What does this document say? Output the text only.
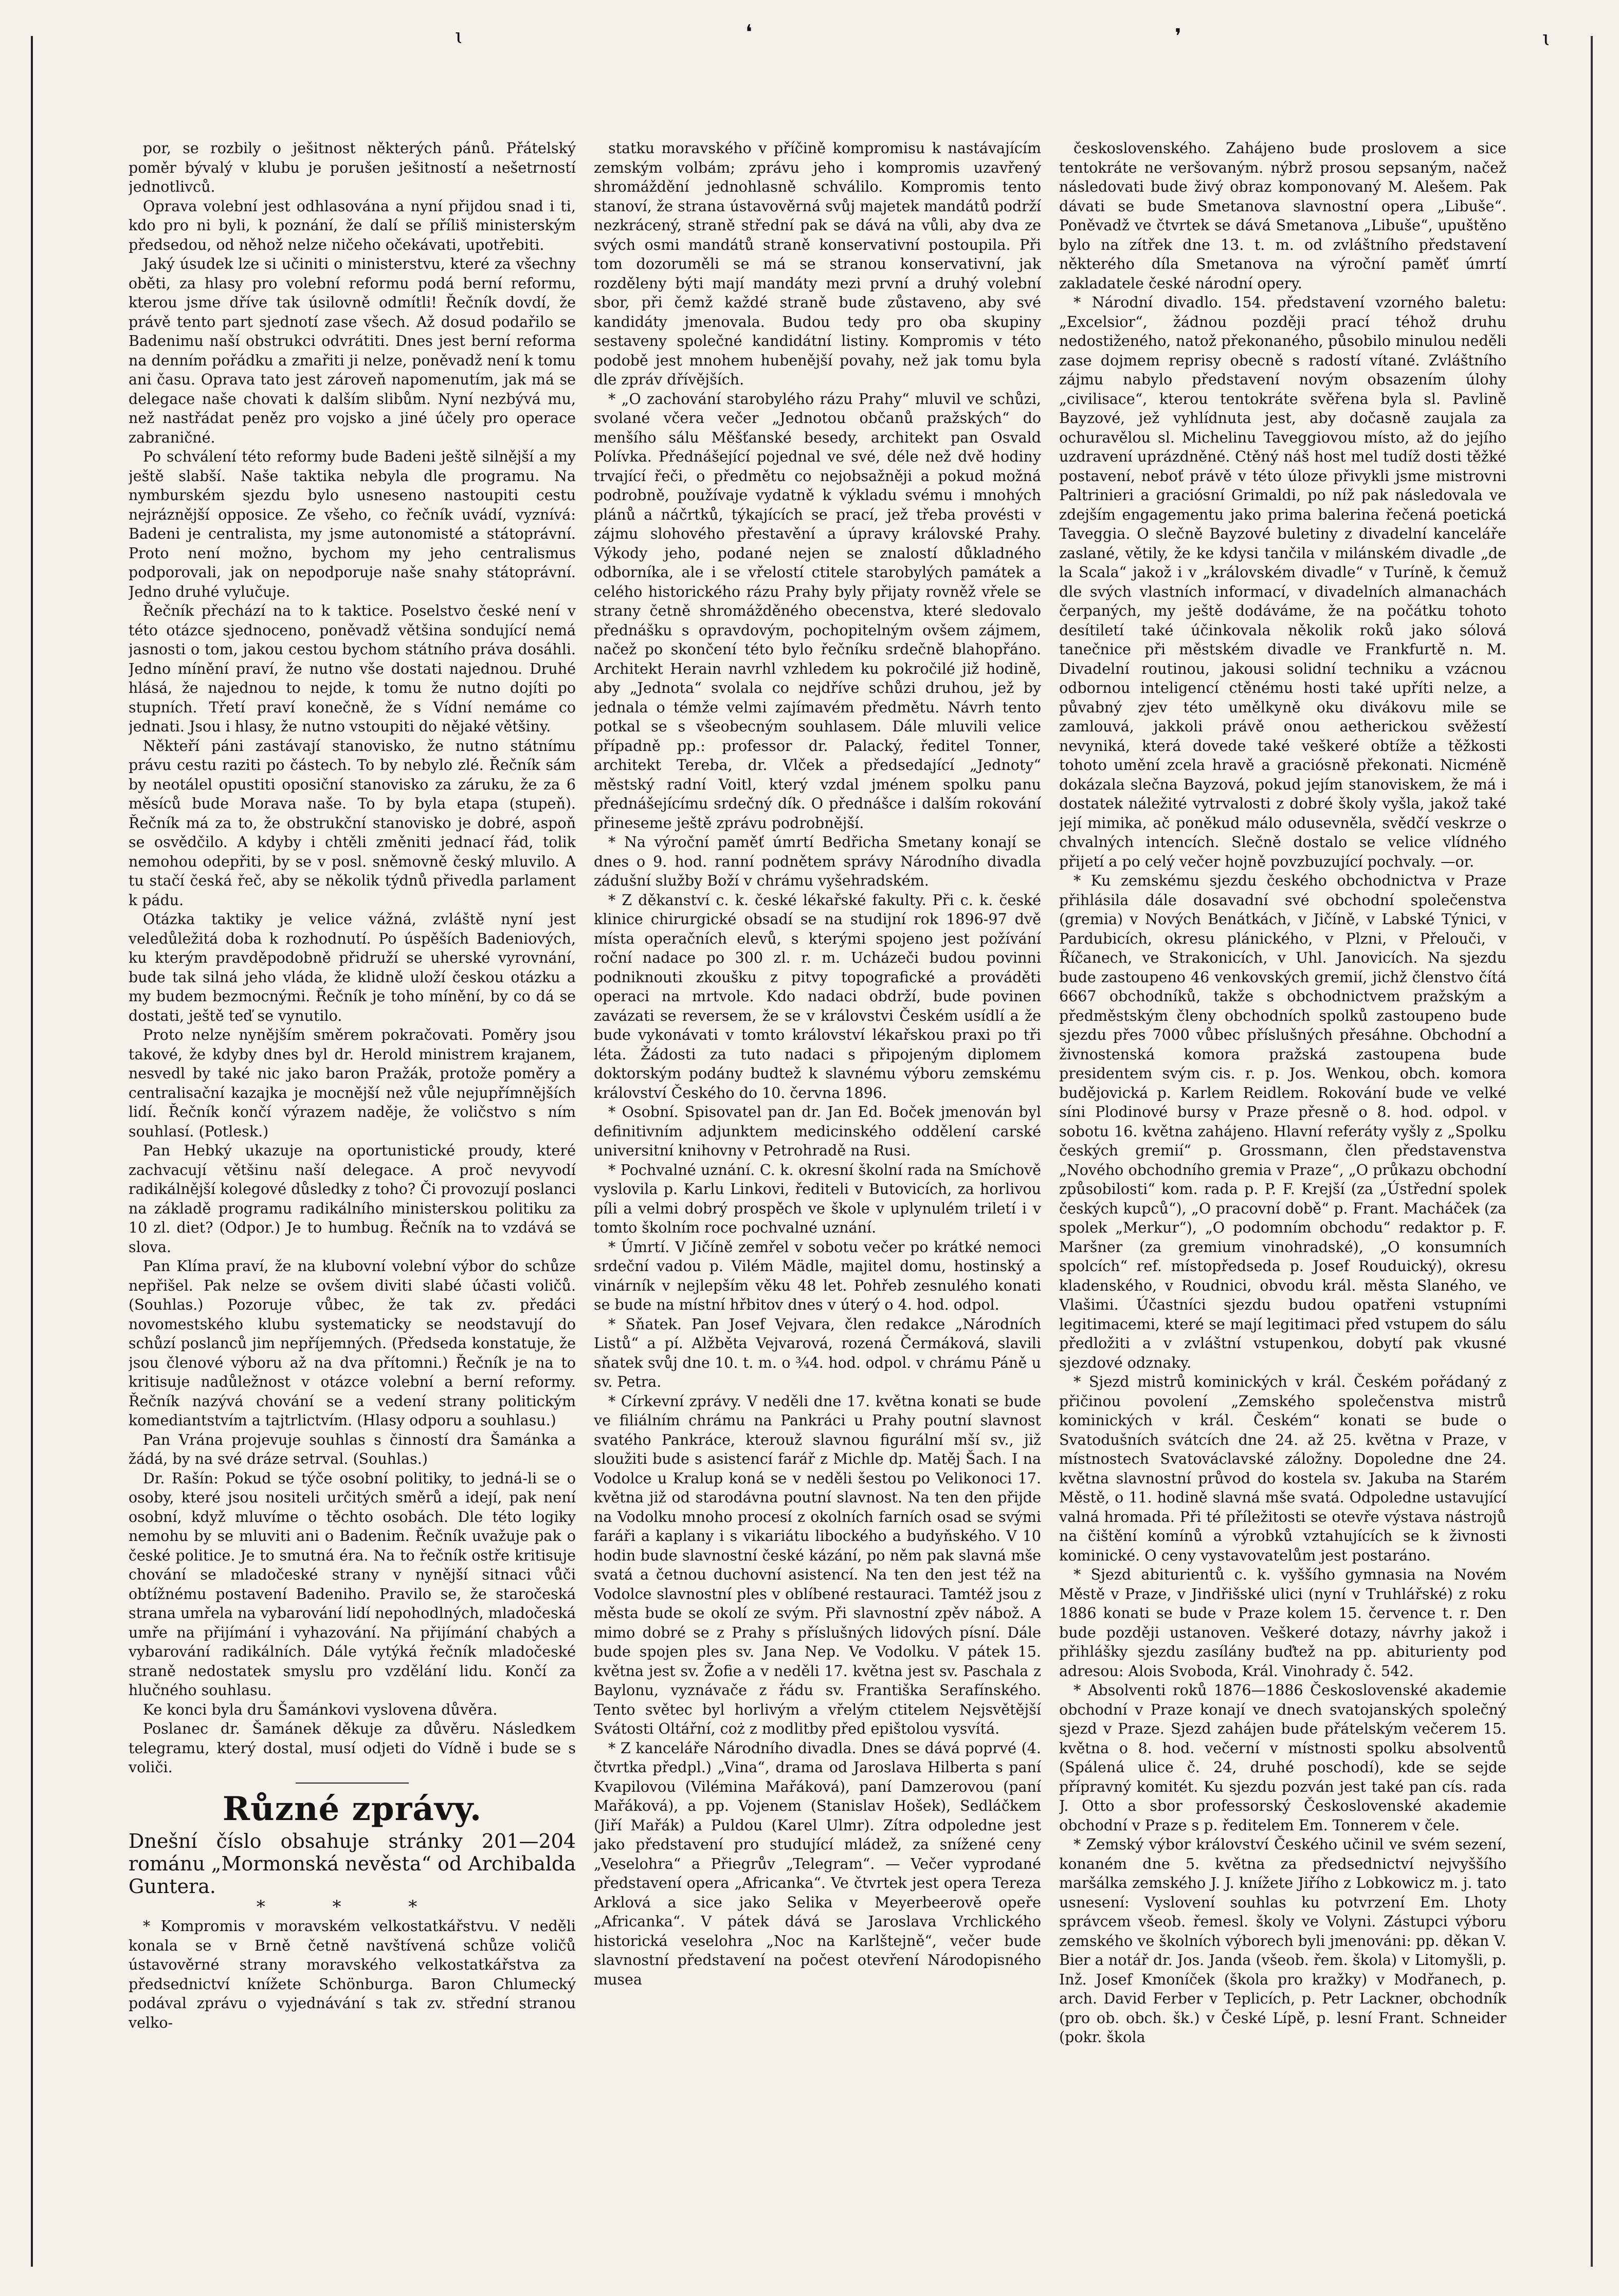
ɩ	❛	❜	ɩ

por, se rozbily o ješitnost některých pánů. Přátelský poměr bývalý v klubu je porušen ješitností a nešetrností jednotlivců.

Oprava volební jest odhlasována a nyní přijdou snad i ti, kdo pro ni byli, k poznání, že dalí se příliš ministerským předsedou, od něhož nelze ničeho očekávati, upotřebiti.

Jaký úsudek lze si učiniti o ministerstvu, které za všechny oběti, za hlasy pro volební reformu podá berní reformu, kterou jsme dříve tak úsilovně odmítli! Řečník dovdí, že právě tento part sjednotí zase všech. Až dosud podařilo se Badenimu naší obstrukci odvrátiti. Dnes jest berní reforma na denním pořádku a zmařiti ji nelze, poněvadž není k tomu ani času. Oprava tato jest zároveň napomenutím, jak má se delegace naše chovati k dalším slibům. Nyní nezbývá mu, než nastřádat peněz pro vojsko a jiné účely pro operace zabraničné.

Po schválení této reformy bude Badeni ještě silnější a my ještě slabší. Naše taktika nebyla dle programu. Na nymburském sjezdu bylo usneseno nastoupiti cestu nejráznější opposice. Ze všeho, co řečník uvádí, vyznívá: Badeni je centralista, my jsme autonomisté a státoprávní. Proto není možno, bychom my jeho centralismus podporovali, jak on nepodporuje naše snahy státoprávní. Jedno druhé vylučuje.

Řečník přechází na to k taktice. Poselstvo české není v této otázce sjednoceno, poněvadž většina sondující nemá jasnosti o tom, jakou cestou bychom státního práva dosáhli. Jedno mínění praví, že nutno vše dostati najednou. Druhé hlásá, že najednou to nejde, k tomu že nutno dojíti po stupních. Třetí praví konečně, že s Vídní nemáme co jednati. Jsou i hlasy, že nutno vstoupiti do nějaké většiny.

Někteří páni zastávají stanovisko, že nutno státnímu právu cestu raziti po částech. To by nebylo zlé. Řečník sám by neotálel opustiti oposiční stanovisko za záruku, že za 6 měsíců bude Morava naše. To by byla etapa (stupeň). Řečník má za to, že obstrukční stanovisko je dobré, aspoň se osvědčilo. A kdyby i chtěli změniti jednací řád, tolik nemohou odepřiti, by se v posl. sněmovně český mluvilo. A tu stačí česká řeč, aby se několik týdnů přivedla parlament k pádu.

Otázka taktiky je velice vážná, zvláště nyní jest veledůležitá doba k rozhodnutí. Po úspěších Badeniových, ku kterým pravděpodobně přidruží se uherské vyrovnání, bude tak silná jeho vláda, že klidně uloží českou otázku a my budem bezmocnými. Řečník je toho mínění, by co dá se dostati, ještě teď se vynutilo.

Proto nelze nynějším směrem pokračovati. Poměry jsou takové, že kdyby dnes byl dr. Herold ministrem krajanem, nesvedl by také nic jako baron Pražák, protože poměry a centralisační kazajka je mocnější než vůle nejupřímnějších lidí. Řečník končí výrazem naděje, že voličstvo s ním souhlasí. (Potlesk.)

Pan Hebký ukazuje na oportunistické proudy, které zachvacují většinu naší delegace. A proč nevyvodí radikálnější kolegové důsledky z toho? Či provozují poslanci na základě programu radikálního ministerskou politiku za 10 zl. diet? (Odpor.) Je to humbug. Řečník na to vzdává se slova.

Pan Klíma praví, že na klubovní volební výbor do schůze nepřišel. Pak nelze se ovšem diviti slabé účasti voličů. (Souhlas.) Pozoruje vůbec, že tak zv. předáci novomestského klubu systematicky se neodstavují do schůzí poslanců jim nepříjemných. (Předseda konstatuje, že jsou členové výboru až na dva přítomni.) Řečník je na to kritisuje nadůležnost v otázce volební a berní reformy. Řečník nazývá chování se a vedení strany politickým komediantstvím a tajtrlictvím. (Hlasy odporu a souhlasu.)

Pan Vrána projevuje souhlas s činností dra Šamánka a žádá, by na své dráze setrval. (Souhlas.)

Dr. Rašín: Pokud se týče osobní politiky, to jedná-li se o osoby, které jsou nositeli určitých směrů a idejí, pak není osobní, když mluvíme o těchto osobách. Dle této logiky nemohu by se mluviti ani o Badenim. Řečník uvažuje pak o české politice. Je to smutná éra. Na to řečník ostře kritisuje chování se mladočeské strany v nynější sitnaci vůči obtížnému postavení Badeniho. Pravilo se, že staročeská strana umřela na vybarování lidí nepohodlných, mladočeská umře na přijímání i vyhazování. Na přijímání chabých a vybarování radikálních. Dále vytýká řečník mladočeské straně nedostatek smyslu pro vzdělání lidu. Končí za hlučného souhlasu.

Ke konci byla dru Šamánkovi vyslovena důvěra.

Poslanec dr. Šamánek děkuje za důvěru. Následkem telegramu, který dostal, musí odjeti do Vídně i bude se s voliči.

Různé zprávy.

Dnešní číslo obsahuje stránky 201—204 románu „Mormonská nevěsta“ od Archibalda Guntera.

* * *

* Kompromis v moravském velkostatkářstvu. V neděli konala se v Brně četně navštívená schůze voličů ústavověrné strany moravského velkostatkářstva za předsednictví knížete Schönburga. Baron Chlumecký podával zprávu o vyjednávání s tak zv. střední stranou velko-

statku moravského v příčině kompromisu k nastávajícím zemským volbám; zprávu jeho i kompromis uzavřený shromáždění jednohlasně schválilo. Kompromis tento stanoví, že strana ústavověrná svůj majetek mandátů podrží nezkrácený, straně střední pak se dává na vůli, aby dva ze svých osmi mandátů straně konservativní postoupila. Při tom dozoruměli se má se stranou konservativní, jak rozděleny býti mají mandáty mezi první a druhý volební sbor, při čemž každé straně bude zůstaveno, aby své kandidáty jmenovala. Budou tedy pro oba skupiny sestaveny společné kandidátní listiny. Kompromis v této podobě jest mnohem hubenější povahy, než jak tomu byla dle zpráv dřívějších.

* „O zachování starobylého rázu Prahy“ mluvil ve schůzi, svolané včera večer „Jednotou občanů pražských“ do menšího sálu Měšťanské besedy, architekt pan Osvald Polívka. Přednášející pojednal ve své, déle než dvě hodiny trvající řeči, o předmětu co nejobsažněji a pokud možná podrobně, používaje vydatně k výkladu svému i mnohých plánů a náčrtků, týkajících se prací, jež třeba provésti v zájmu slohového přestavění a úpravy královské Prahy. Výkody jeho, podané nejen se znalostí důkladného odborníka, ale i se vřelostí ctitele starobylých památek a celého historického rázu Prahy byly přijaty rovněž vřele se strany četně shromážděného obecenstva, které sledovalo přednášku s opravdovým, pochopitelným ovšem zájmem, načež po skončení této bylo řečníku srdečně blahopřáno. Architekt Herain navrhl vzhledem ku pokročilé již hodině, aby „Jednota“ svolala co nejdříve schůzi druhou, jež by jednala o témže velmi zajímavém předmětu. Návrh tento potkal se s všeobecným souhlasem. Dále mluvili velice případně pp.: professor dr. Palacký, ředitel Tonner, architekt Tereba, dr. Vlček a předsedající „Jednoty“ městský radní Voitl, který vzdal jménem spolku panu přednášejícímu srdečný dík. O přednášce i dalším rokování přineseme ještě zprávu podrobnější.

* Na výroční paměť úmrtí Bedřicha Smetany konají se dnes o 9. hod. ranní podnětem správy Národního divadla zádušní služby Boží v chrámu vyšehradském.

* Z děkanství c. k. české lékařské fakulty. Při c. k. české klinice chirurgické obsadí se na studijní rok 1896-97 dvě místa operačních elevů, s kterými spojeno jest požívání roční nadace po 300 zl. r. m. Ucházeči budou povinni podniknouti zkoušku z pitvy topografické a prováděti operaci na mrtvole. Kdo nadaci obdrží, bude povinen zavázati se reversem, že se v královstvi Českém usídlí a že bude vykonávati v tomto království lékařskou praxi po tři léta. Žádosti za tuto nadaci s připojeným diplomem doktorským podány budtež k slavnému výboru zemskému království Českého do 10. června 1896.

* Osobní. Spisovatel pan dr. Jan Ed. Boček jmenován byl definitivním adjunktem medicinského oddělení carské universitní knihovny v Petrohradě na Rusi.

* Pochvalné uznání. C. k. okresní školní rada na Smíchově vyslovila p. Karlu Linkovi, řediteli v Butovicích, za horlivou píli a velmi dobrý prospěch ve škole v uplynulém triletí i v tomto školním roce pochvalné uznání.

* Úmrtí. V Jičíně zemřel v sobotu večer po krátké nemoci srdeční vadou p. Vilém Mädle, majitel domu, hostinský a vinárník v nejlepším věku 48 let. Pohřeb zesnulého konati se bude na místní hřbitov dnes v úterý o 4. hod. odpol.

* Sňatek. Pan Josef Vejvara, člen redakce „Národních Listů“ a pí. Alžběta Vejvarová, rozená Čermáková, slavili sňatek svůj dne 10. t. m. o ¾4. hod. odpol. v chrámu Páně u sv. Petra.

* Církevní zprávy. V neděli dne 17. května konati se bude ve filiálním chrámu na Pankráci u Prahy poutní slavnost svatého Pankráce, kterouž slavnou figurální mší sv., již sloužiti bude s asistencí farář z Michle dp. Matěj Šach. I na Vodolce u Kralup koná se v neděli šestou po Velikonoci 17. května již od starodávna poutní slavnost. Na ten den přijde na Vodolku mnoho procesí z okolních farních osad se svými faráři a kaplany i s vikariátu libockého a budyňského. V 10 hodin bude slavnostní české kázání, po něm pak slavná mše svatá a četnou duchovní asistencí. Na ten den jest též na Vodolce slavnostní ples v oblíbené restauraci. Tamtéž jsou z města bude se okolí ze svým. Při slavnostní zpěv nábož. A mimo dobré se z Prahy s příslušných lidových písní. Dále bude spojen ples sv. Jana Nep. Ve Vodolku. V pátek 15. května jest sv. Žofie a v neděli 17. května jest sv. Paschala z Baylonu, vyznávače z řádu sv. Františka Serafínského. Tento světec byl horlivým a vřelým ctitelem Nejsvětější Svátosti Oltářní, coż z modlitby před epištolou vysvítá.

* Z kanceláře Národního divadla. Dnes se dává poprvé (4. čtvrtka předpl.) „Vina“, drama od Jaroslava Hilberta s paní Kvapilovou (Vilémina Mařáková), paní Damzerovou (paní Mařáková), a pp. Vojenem (Stanislav Hošek), Sedláčkem (Jiří Mařák) a Puldou (Karel Ulmr). Zítra odpoledne jest jako představení pro studující mládež, za snížené ceny „Veselohra“ a Přiegrův „Telegram“. — Večer vyprodané představení opera „Africanka“. Ve čtvrtek jest opera Tereza Arklová a sice jako Selika v Meyerbeerově opeře „Africanka“. V pátek dává se Jaroslava Vrchlického historická veselohra „Noc na Karlštejně“, večer bude slavnostní představení na počest otevření Národopisného musea

československého. Zahájeno bude proslovem a sice tentokráte ne veršovaným. nýbrž prosou sepsaným, načež následovati bude živý obraz komponovaný M. Alešem. Pak dávati se bude Smetanova slavnostní opera „Libuše“. Poněvadž ve čtvrtek se dává Smetanova „Libuše“, upuštěno bylo na zítřek dne 13. t. m. od zvláštního představení některého díla Smetanova na výroční paměť úmrtí zakladatele české národní opery.

* Národní divadlo. 154. představení vzorného baletu: „Excelsior“, žádnou později prací téhož druhu nedostiženého, natož překonaného, působilo minulou neděli zase dojmem reprisy obecně s radostí vítané. Zvláštního zájmu nabylo představení novým obsazením úlohy „civilisace“, kterou tentokráte svěřena byla sl. Pavlině Bayzové, jež vyhlídnuta jest, aby dočasně zaujala za ochuravělou sl. Michelinu Taveggiovou místo, až do jejího uzdravení uprázdněné. Ctěný náš host mel tudíž dosti těžké postavení, neboť právě v této úloze přivykli jsme mistrovni Paltrinieri a graciósní Grimaldi, po níž pak následovala ve zdejším engagementu jako prima balerina řečená poetická Taveggia. O slečně Bayzové buletiny z divadelní kanceláře zaslané, větily, že ke kdysi tančila v milánském divadle „de la Scala“ jakož i v „královském divadle“ v Turíně, k čemuž dle svých vlastních informací, v divadelních almanachách čerpaných, my ještě dodáváme, že na počátku tohoto desítiletí také účinkovala několik roků jako sólová tanečnice při městském divadle ve Frankfurtě n. M. Divadelní routinou, jakousi solidní techniku a vzácnou odbornou inteligencí ctěnému hosti také upříti nelze, a půvabný zjev této umělkyně oku divákovu mile se zamlouvá, jakkoli právě onou aetherickou svěžestí nevyniká, která dovede také veškeré obtíže a těžkosti tohoto umění zcela hravě a graciósně překonati. Nicméně dokázala slečna Bayzová, pokud jejím stanoviskem, že má i dostatek náležité vytrvalosti z dobré školy vyšla, jakož také její mimika, ač poněkud málo odusevněla, svědčí veskrze o chvalných intencích. Slečně dostalo se velice vlídného přijetí a po celý večer hojně povzbuzující pochvaly. —or.

* Ku zemskému sjezdu českého obchodnictva v Praze přihlásila dále dosavadní své obchodní společenstva (gremia) v Nových Benátkách, v Jičíně, v Labské Týnici, v Pardubicích, okresu plánického, v Plzni, v Přelouči, v Říčanech, ve Strakonicích, v Uhl. Janovicích. Na sjezdu bude zastoupeno 46 venkovských gremií, jichž členstvo čítá 6667 obchodníků, takže s obchodnictvem pražským a předměstským členy obchodních spolků zastoupeno bude sjezdu přes 7000 vůbec příslušných přesáhne. Obchodní a živnostenská komora pražská zastoupena bude presidentem svým cis. r. p. Jos. Wenkou, obch. komora budějovická p. Karlem Reidlem. Rokování bude ve velké síni Plodinové bursy v Praze přesně o 8. hod. odpol. v sobotu 16. května zahájeno. Hlavní referáty vyšly z „Spolku českých gremií“ p. Grossmann, člen představenstva „Nového obchodního gremia v Praze“, „O průkazu obchodní způsobilosti“ kom. rada p. P. F. Krejší (za „Ústřední spolek českých kupců“), „O pracovní době“ p. Frant. Macháček (za spolek „Merkur“), „O podomním obchodu“ redaktor p. F. Maršner (za gremium vinohradské), „O konsumních spolcích“ ref. místopředseda p. Josef Rouduický), okresu kladenského, v Roudnici, obvodu král. města Slaného, ve Vlašimi. Účastníci sjezdu budou opatřeni vstupními legitimacemi, které se mají legitimaci před vstupem do sálu předložiti a v zvláštní vstupenkou, dobytí pak vkusné sjezdové odznaky.

* Sjezd mistrů kominických v král. Českém pořádaný z přičinou povolení „Zemského společenstva mistrů kominických v král. Českém“ konati se bude o Svatodušních svátcích dne 24. až 25. května v Praze, v místnostech Svatováclavské záložny. Dopoledne dne 24. května slavnostní průvod do kostela sv. Jakuba na Starém Městě, o 11. hodině slavná mše svatá. Odpoledne ustavující valná hromada. Při té příležitosti se otevře výstava nástrojů na čištění komínů a výrobků vztahujících se k živnosti kominické. O ceny vystavovatelům jest postaráno.

* Sjezd abiturientů c. k. vyššího gymnasia na Novém Městě v Praze, v Jindřišské ulici (nyní v Truhlářské) z roku 1886 konati se bude v Praze kolem 15. července t. r. Den bude později ustanoven. Veškeré dotazy, návrhy jakož i přihlášky sjezdu zasílány buďtež na pp. abiturienty pod adresou: Alois Svoboda, Král. Vinohrady č. 542.

* Absolventi roků 1876—1886 Československé akademie obchodní v Praze konají ve dnech svatojanských společný sjezd v Praze. Sjezd zahájen bude přátelským večerem 15. května o 8. hod. večerní v místnosti spolku absolventů (Spálená ulice č. 24, druhé poschodí), kde se sejde přípravný komitét. Ku sjezdu pozván jest také pan cís. rada J. Otto a sbor professorský Československé akademie obchodní v Praze s p. ředitelem Em. Tonnerem v čele.

* Zemský výbor království Českého učinil ve svém sezení, konaném dne 5. května za předsednictví nejvyššího maršálka zemského J. J. knížete Jiřího z Lobkowicz m. j. tato usnesení: Vyslovení souhlas ku potvrzení Em. Lhoty správcem všeob. řemesl. školy ve Volyni. Zástupci výboru zemského ve školních výborech byli jmenováni: pp. děkan V. Bier a notář dr. Jos. Janda (všeob. řem. škola) v Litomyšli, p. Inž. Josef Kmoníček (škola pro kražky) v Modřanech, p. arch. David Ferber v Teplicích, p. Petr Lackner, obchodník (pro ob. obch. šk.) v České Lípě, p. lesní Frant. Schneider (pokr. škola
